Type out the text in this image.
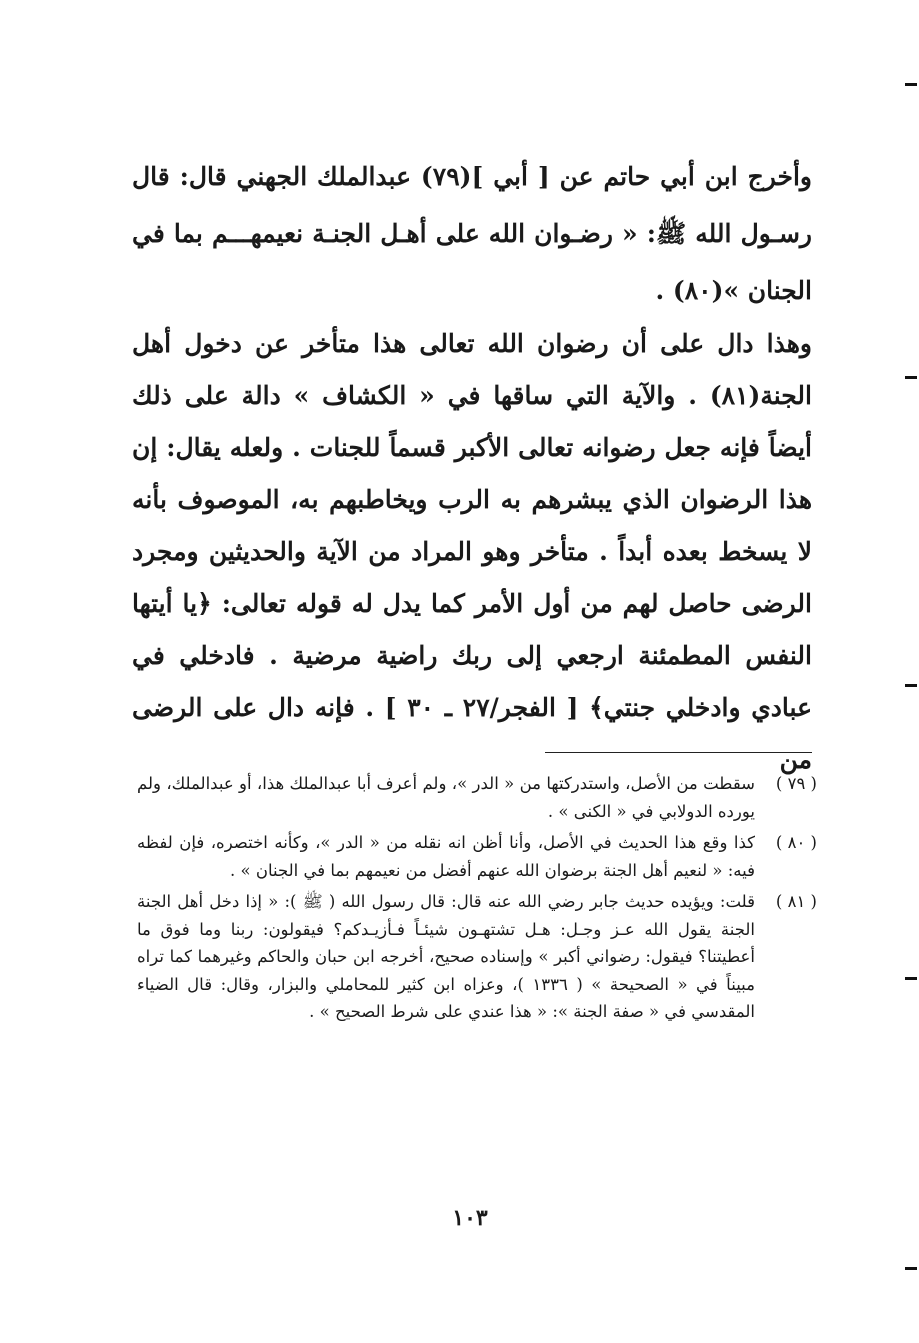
وأخرج ابن أبي حاتم عن [ أبي ](٧٩) عبدالملك الجهني قال: قال رسـول الله ﷺ: « رضـوان الله على أهـل الجنـة نعيمهـــم بما في الجنان »(٨٠) .

وهذا دال على أن رضوان الله تعالى هذا متأخر عن دخول أهل الجنة(٨١) . والآية التي ساقها في « الكشاف » دالة على ذلك أيضاً فإنه جعل رضوانه تعالى الأكبر قسماً للجنات . ولعله يقال: إن هذا الرضوان الذي يبشرهم به الرب ويخاطبهم به، الموصوف بأنه لا يسخط بعده أبداً . متأخر وهو المراد من الآية والحديثين ومجرد الرضى حاصل لهم من أول الأمر كما يدل له قوله تعالى: ﴿يا أيتها النفس المطمئنة ارجعي إلى ربك راضية مرضية . فادخلي في عبادي وادخلي جنتي﴾ [ الفجر/٢٧ ـ ٣٠ ] . فإنه دال على الرضى من

( ٧٩ )
سقطت من الأصل، واستدركتها من « الدر »، ولم أعرف أبا عبدالملك هذا، أو عبدالملك، ولم يورده الدولابي في « الكنى » .
( ٨٠ )
كذا وقع هذا الحديث في الأصل، وأنا أظن انه نقله من « الدر »، وكأنه اختصره، فإن لفظه فيه: « لنعيم أهل الجنة برضوان الله عنهم أفضل من نعيمهم بما في الجنان » .
( ٨١ )
قلت: ويؤيده حديث جابر رضي الله عنه قال: قال رسول الله ( ﷺ ): « إذا دخل أهل الجنة الجنة يقول الله عـز وجـل: هـل تشتهـون شيئـاً فـأزيـدكم؟ فيقولون: ربنا وما فوق ما أعطيتنا؟ فيقول: رضواني أكبر » وإسناده صحيح، أخرجه ابن حبان والحاكم وغيرهما كما تراه مبيناً في « الصحيحة » ( ١٣٣٦ )، وعزاه ابن كثير للمحاملي والبزار، وقال: قال الضياء المقدسي في « صفة الجنة »: « هذا عندي على شرط الصحيح » .
١٠٣
